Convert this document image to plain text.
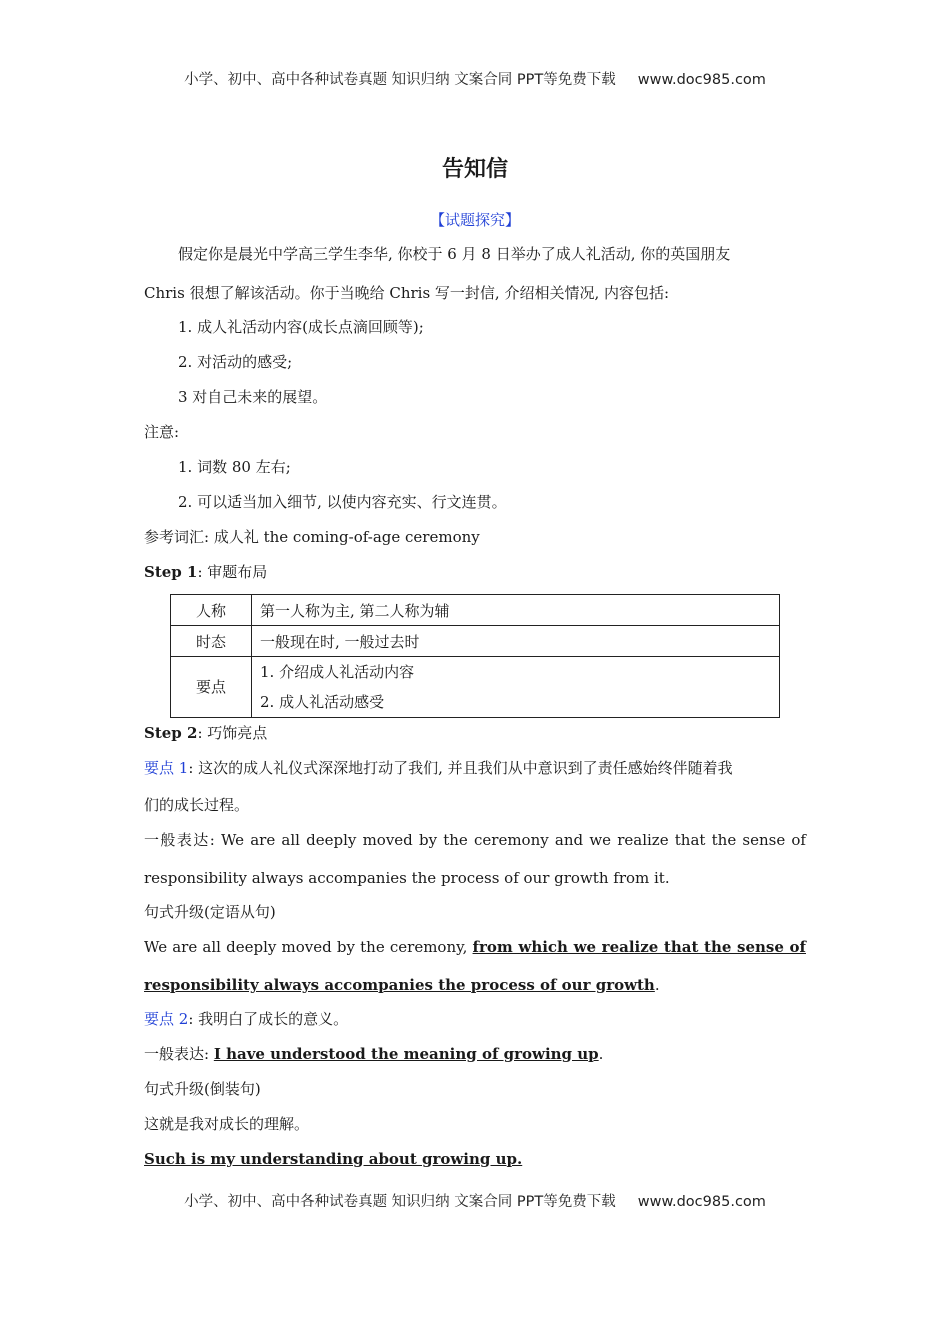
小学、初中、高中各种试卷真题 知识归纳 文案合同 PPT等免费下载 www.doc985.com
告知信
【试题探究】
假定你是晨光中学高三学生李华, 你校于 6 月 8 日举办了成人礼活动, 你的英国朋友
Chris 很想了解该活动。你于当晚给 Chris 写一封信, 介绍相关情况, 内容包括:
1. 成人礼活动内容(成长点滴回顾等);
2. 对活动的感受;
3 对自己未来的展望。
注意:
1. 词数 80 左右;
2. 可以适当加入细节, 以使内容充实、行文连贯。
参考词汇: 成人礼 the coming-of-age ceremony
Step 1: 审题布局
人称	第一人称为主, 第二人称为辅
时态	一般现在时, 一般过去时
要点	1. 介绍成人礼活动内容
2. 成人礼活动感受
Step 2: 巧饰亮点
要点 1: 这次的成人礼仪式深深地打动了我们, 并且我们从中意识到了责任感始终伴随着我
们的成长过程。
一般表达: We are all deeply moved by the ceremony and we realize that the sense of
responsibility always accompanies the process of our growth from it.
句式升级(定语从句)
We are all deeply moved by the ceremony, from which we realize that the sense of
responsibility always accompanies the process of our growth.
要点 2: 我明白了成长的意义。
一般表达: I have understood the meaning of growing up.
句式升级(倒装句)
这就是我对成长的理解。
Such is my understanding about growing up.
小学、初中、高中各种试卷真题 知识归纳 文案合同 PPT等免费下载 www.doc985.com
